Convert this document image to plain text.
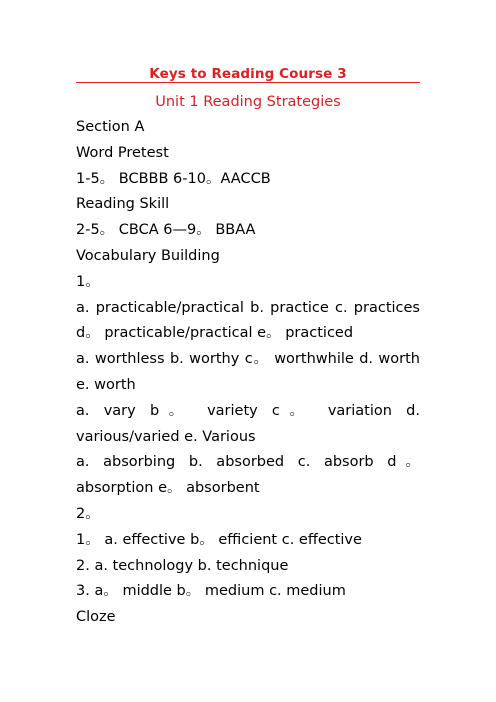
Keys to Reading Course 3
Unit 1 Reading Strategies
Section A
Word Pretest
1-5。 BCBBB 6-10。AACCB
Reading Skill
2-5。 CBCA 6—9。 BBAA
Vocabulary Building
1。
a. practicable/practical b. practice c. practices d。 practicable/practical e。 practiced
a. worthless b. worthy c。 worthwhile d. worth e. worth
a. vary b。 variety c。 variation d. various/varied e. Various
a. absorbing b. absorbed c. absorb d。 absorption e。 absorbent
2。
1。 a. effective b。 efficient c. effective
2. a. technology b. technique
3. a。 middle b。 medium c. medium
Cloze
